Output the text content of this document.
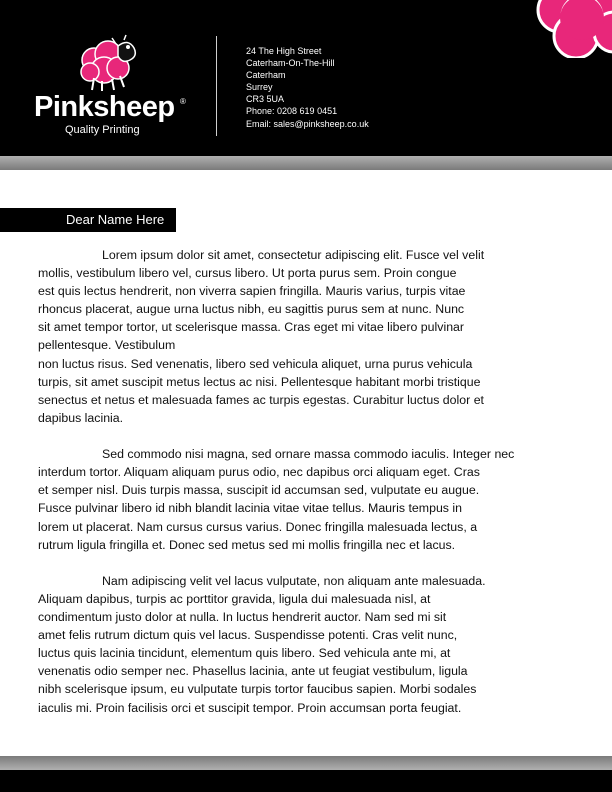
Pinksheep ®
Quality Printing
24 The High Street
Caterham-On-The-Hill
Caterham
Surrey
CR3 5UA
Phone: 0208 619 0451
Email: sales@pinksheep.co.uk
Dear Name Here

Lorem ipsum dolor sit amet, consectetur adipiscing elit. Fusce vel velit
mollis, vestibulum libero vel, cursus libero. Ut porta purus sem. Proin congue
est quis lectus hendrerit, non viverra sapien fringilla. Mauris varius, turpis vitae
rhoncus placerat, augue urna luctus nibh, eu sagittis purus sem at nunc. Nunc
sit amet tempor tortor, ut scelerisque massa. Cras eget mi vitae libero pulvinar
pellentesque. Vestibulum
non luctus risus. Sed venenatis, libero sed vehicula aliquet, urna purus vehicula
turpis, sit amet suscipit metus lectus ac nisi. Pellentesque habitant morbi tristique
senectus et netus et malesuada fames ac turpis egestas. Curabitur luctus dolor et
dapibus lacinia.

Sed commodo nisi magna, sed ornare massa commodo iaculis. Integer nec
interdum tortor. Aliquam aliquam purus odio, nec dapibus orci aliquam eget. Cras
et semper nisl. Duis turpis massa, suscipit id accumsan sed, vulputate eu augue.
Fusce pulvinar libero id nibh blandit lacinia vitae vitae tellus. Mauris tempus in
lorem ut placerat. Nam cursus cursus varius. Donec fringilla malesuada lectus, a
rutrum ligula fringilla et. Donec sed metus sed mi mollis fringilla nec et lacus.

Nam adipiscing velit vel lacus vulputate, non aliquam ante malesuada.
Aliquam dapibus, turpis ac porttitor gravida, ligula dui malesuada nisl, at
condimentum justo dolor at nulla. In luctus hendrerit auctor. Nam sed mi sit
amet felis rutrum dictum quis vel lacus. Suspendisse potenti. Cras velit nunc,
luctus quis lacinia tincidunt, elementum quis libero. Sed vehicula ante mi, at
venenatis odio semper nec. Phasellus lacinia, ante ut feugiat vestibulum, ligula
nibh scelerisque ipsum, eu vulputate turpis tortor faucibus sapien. Morbi sodales
iaculis mi. Proin facilisis orci et suscipit tempor. Proin accumsan porta feugiat.
